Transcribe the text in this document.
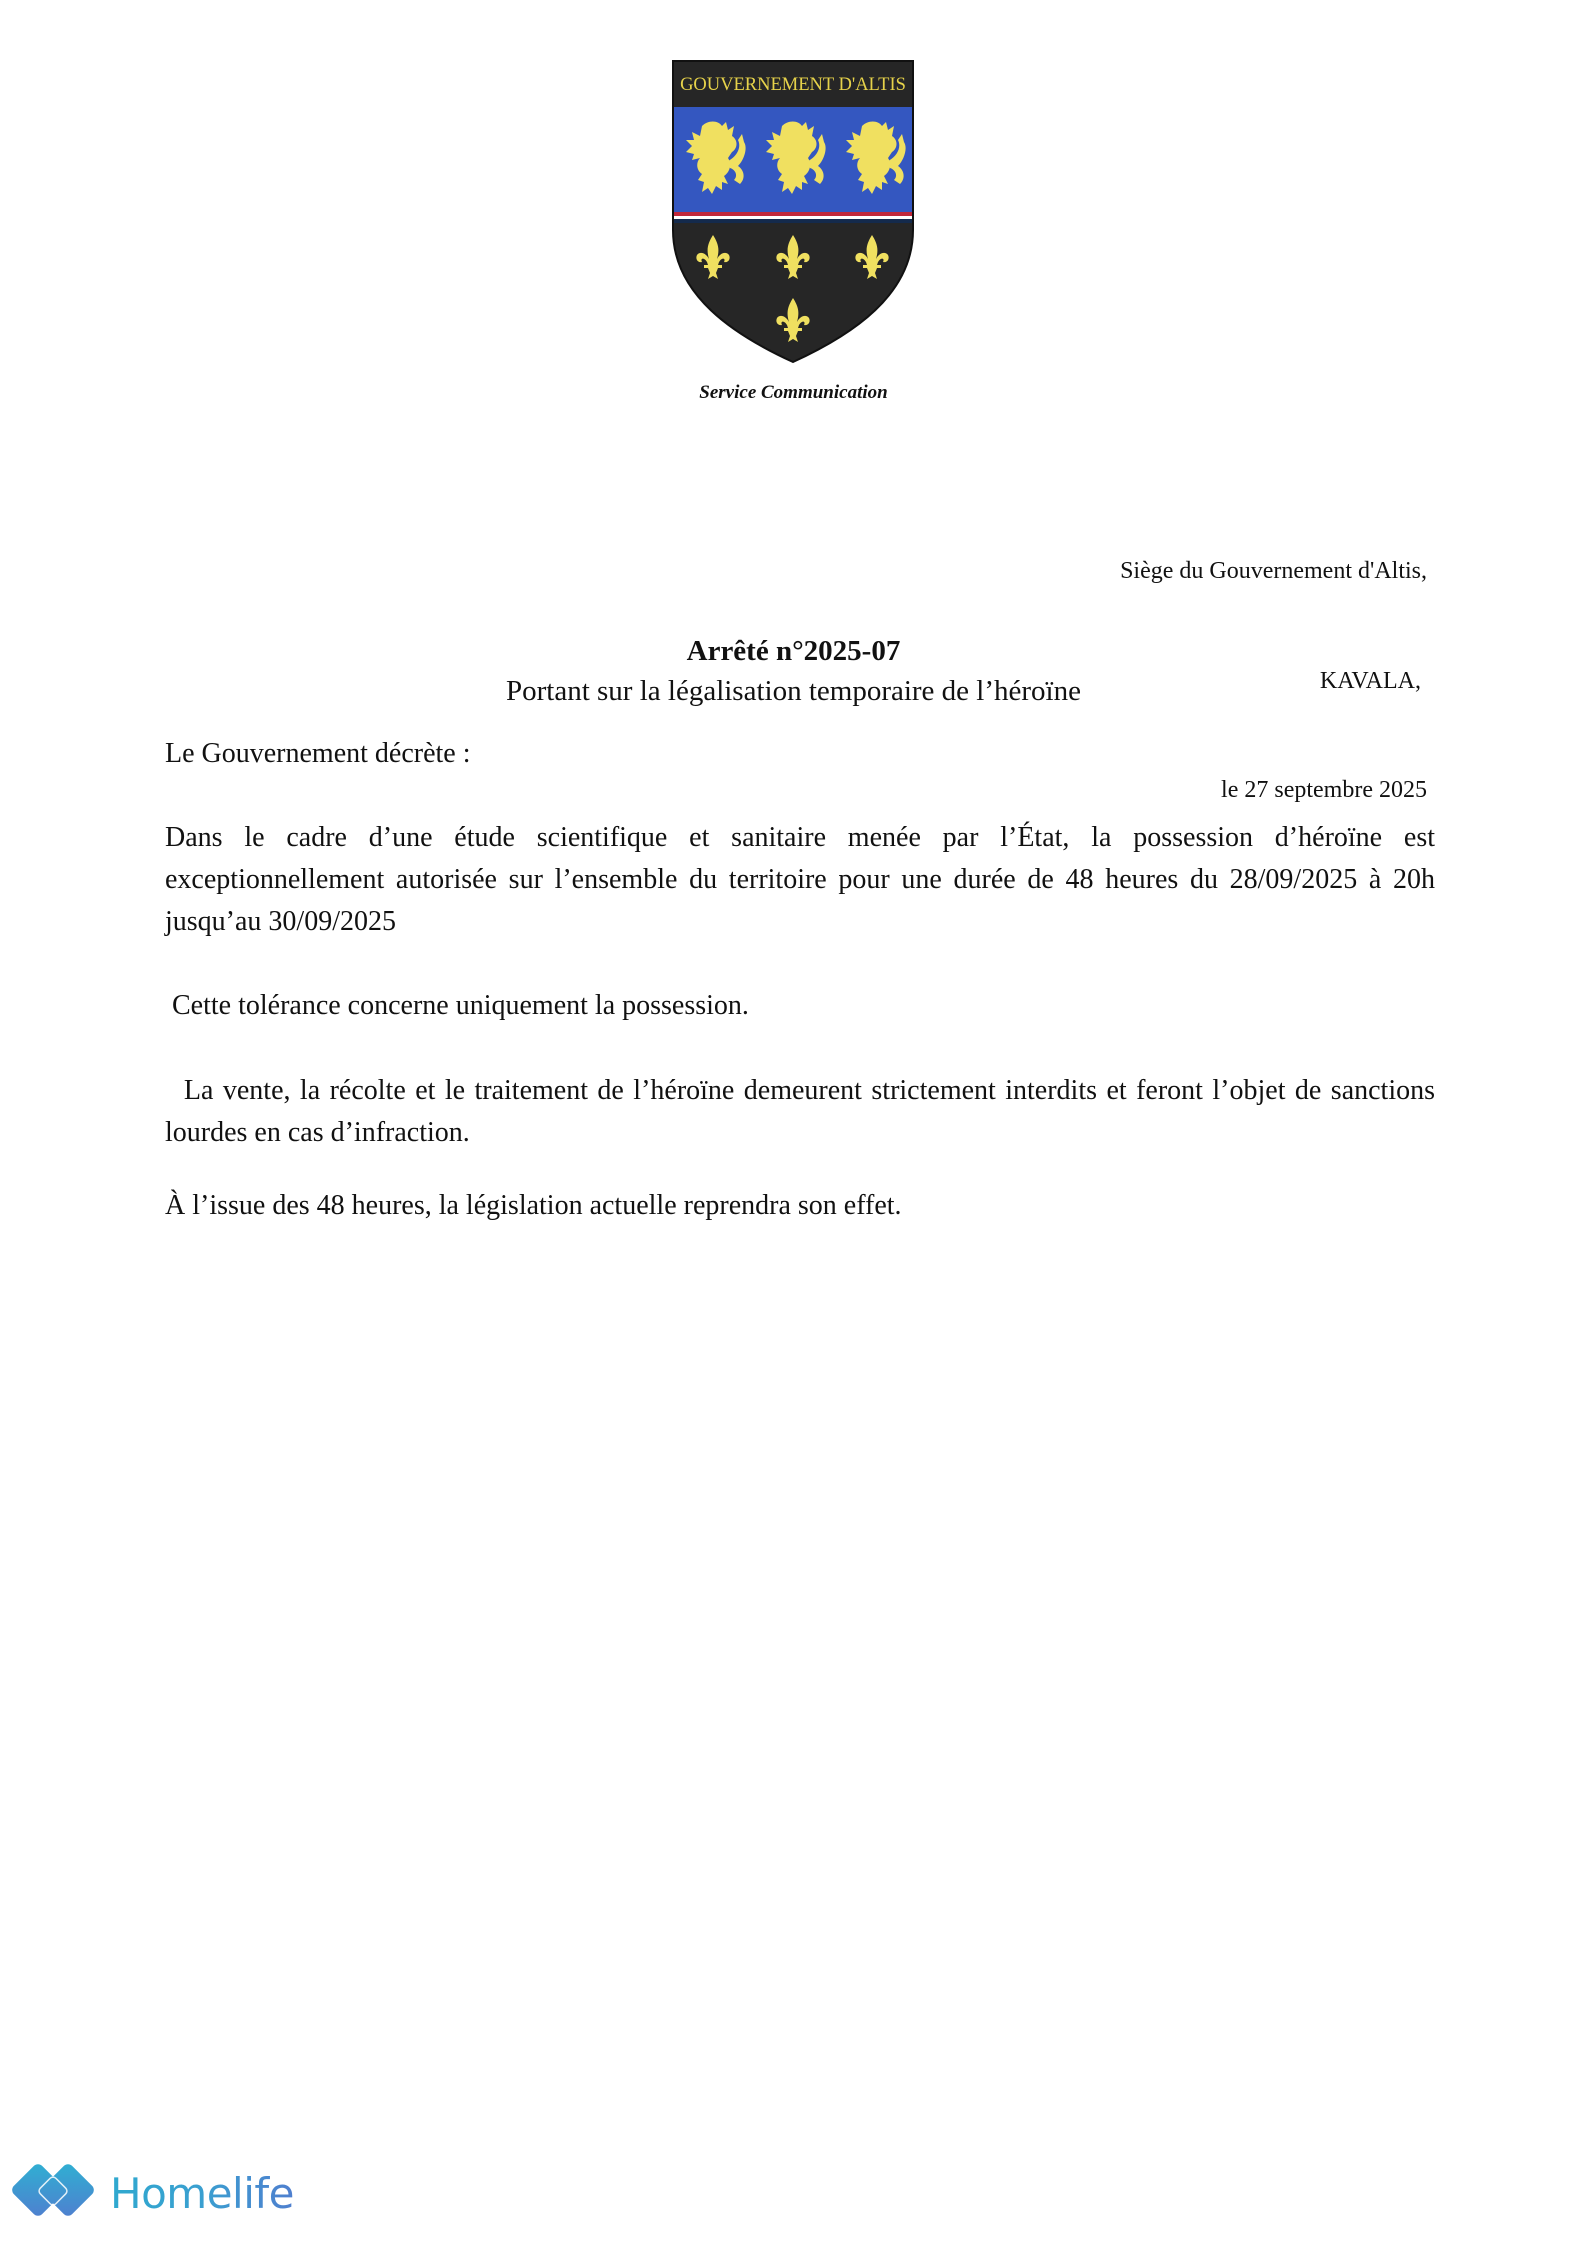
GOUVERNEMENT D'ALTIS
Service Communication

Siège du Gouvernement d'Altis,

KAVALA,

le 27 septembre 2025

Arrêté n°2025-07
Portant sur la légalisation temporaire de l’héroïne
Le Gouvernement décrète :
Dans le cadre d’une étude scientifique et sanitaire menée par l’État, la possession d’héroïne est exceptionnellement autorisée sur l’ensemble du territoire pour une durée de 48 heures du 28/09/2025 à 20h jusqu’au 30/09/2025
Cette tolérance concerne uniquement la possession.
La vente, la récolte et le traitement de l’héroïne demeurent strictement interdits et feront l’objet de sanctions lourdes en cas d’infraction.
À l’issue des 48 heures, la législation actuelle reprendra son effet.
Homelife
